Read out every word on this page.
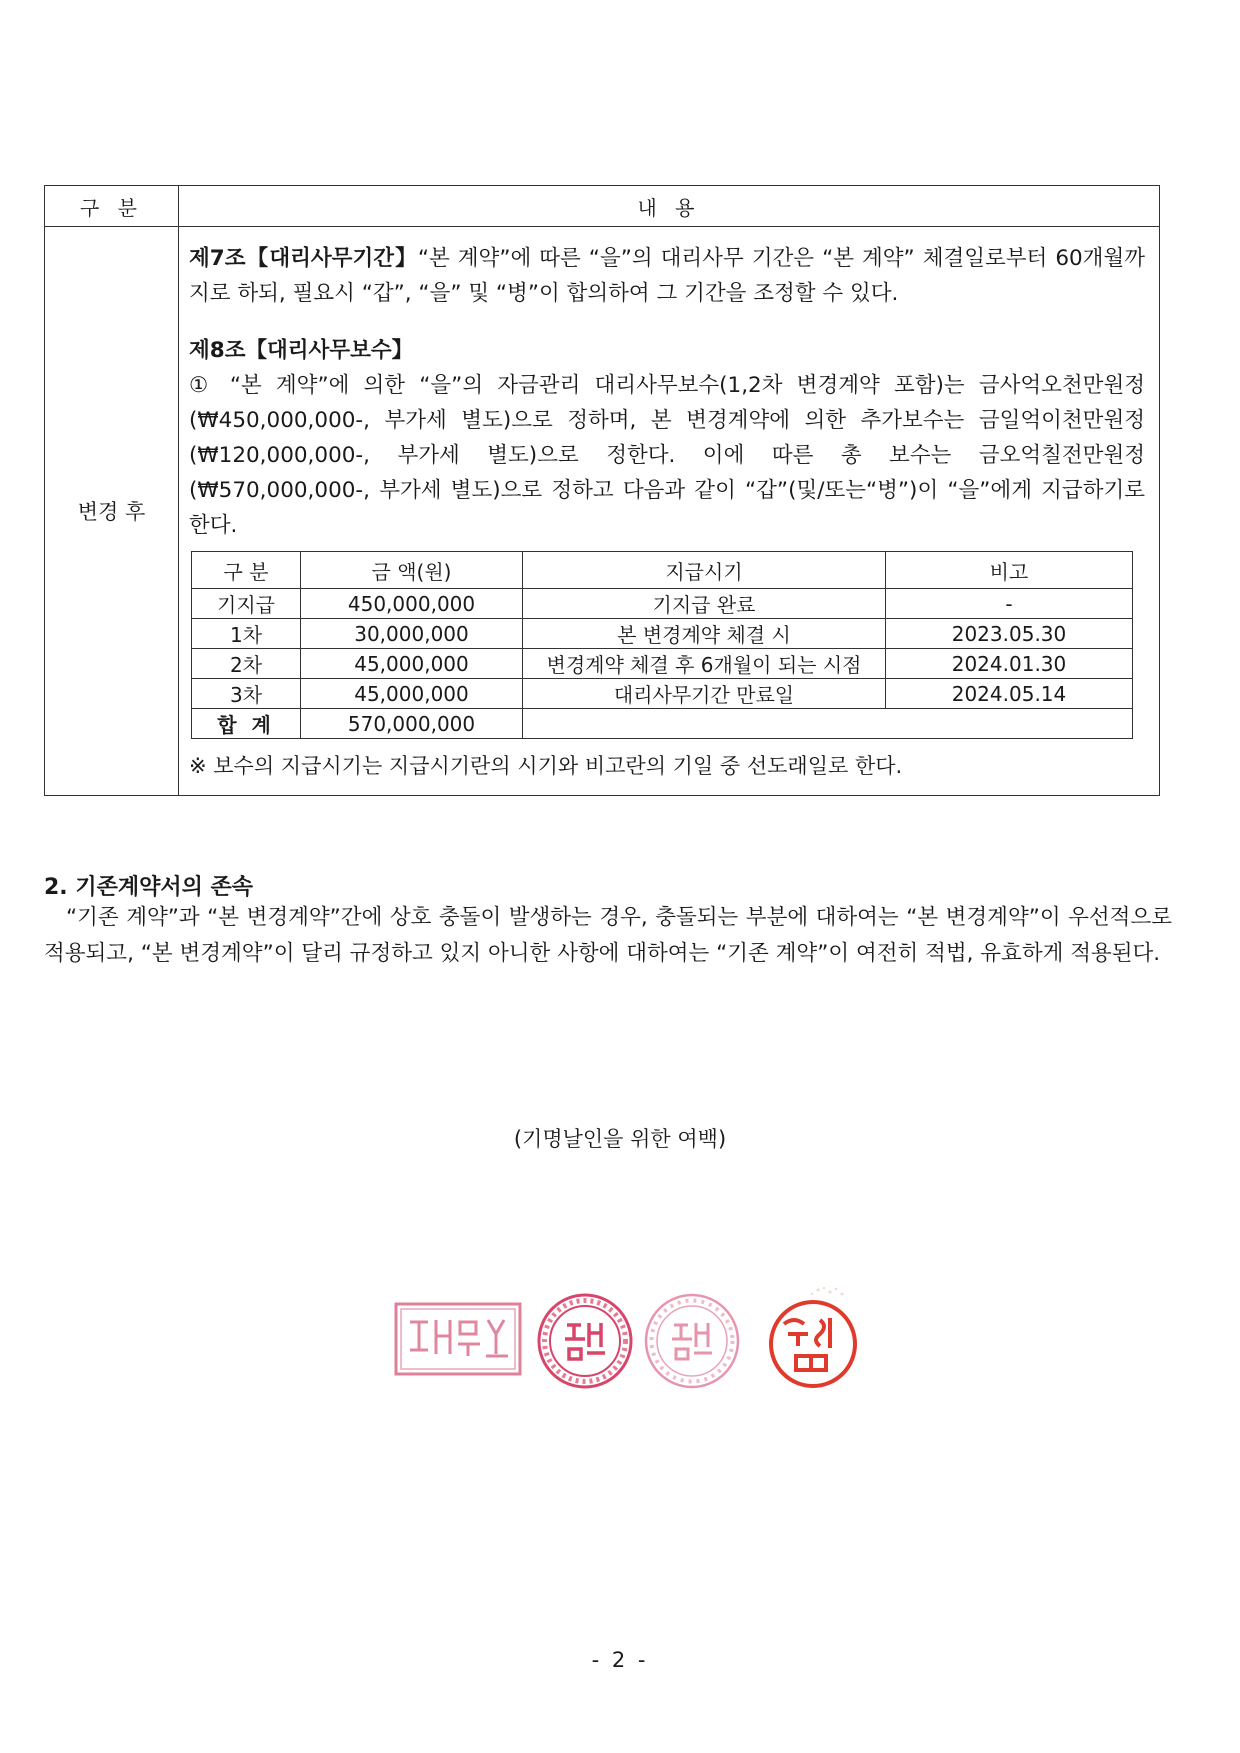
구 분	내 용
변경 후	
제7조【대리사무기간】“본 계약”에 따른 “을”의 대리사무 기간은 “본 계약” 체결일로부터 60개월까지로 하되, 필요시 “갑”, “을” 및 “병”이 합의하여 그 기간을 조정할 수 있다.
제8조【대리사무보수】
① “본 계약”에 의한 “을”의 자금관리 대리사무보수(1,2차 변경계약 포함)는 금사억오천만원정(₩450,000,000-, 부가세 별도)으로 정하며, 본 변경계약에 의한 추가보수는 금일억이천만원정(₩120,000,000-, 부가세 별도)으로 정한다. 이에 따른 총 보수는 금오억칠전만원정(₩570,000,000-, 부가세 별도)으로 정하고 다음과 같이 “갑”(및/또는“병”)이 “을”에게 지급하기로 한다.
구 분	금 액(원)	지급시기	비고
기지급	450,000,000	기지급 완료	-
1차	30,000,000	본 변경계약 체결 시	2023.05.30
2차	45,000,000	변경계약 체결 후 6개월이 되는 시점	2024.01.30
3차	45,000,000	대리사무기간 만료일	2024.05.14
합 계	570,000,000	
※ 보수의 지급시기는 지급시기란의 시기와 비고란의 기일 중 선도래일로 한다.
2. 기존계약서의 존속
“기존 계약”과 “본 변경계약”간에 상호 충돌이 발생하는 경우, 충돌되는 부분에 대하여는 “본 변경계약”이 우선적으로 적용되고, “본 변경계약”이 달리 규정하고 있지 아니한 사항에 대하여는 “기존 계약”이 여전히 적법, 유효하게 적용된다.
(기명날인을 위한 여백)
- 2 -
